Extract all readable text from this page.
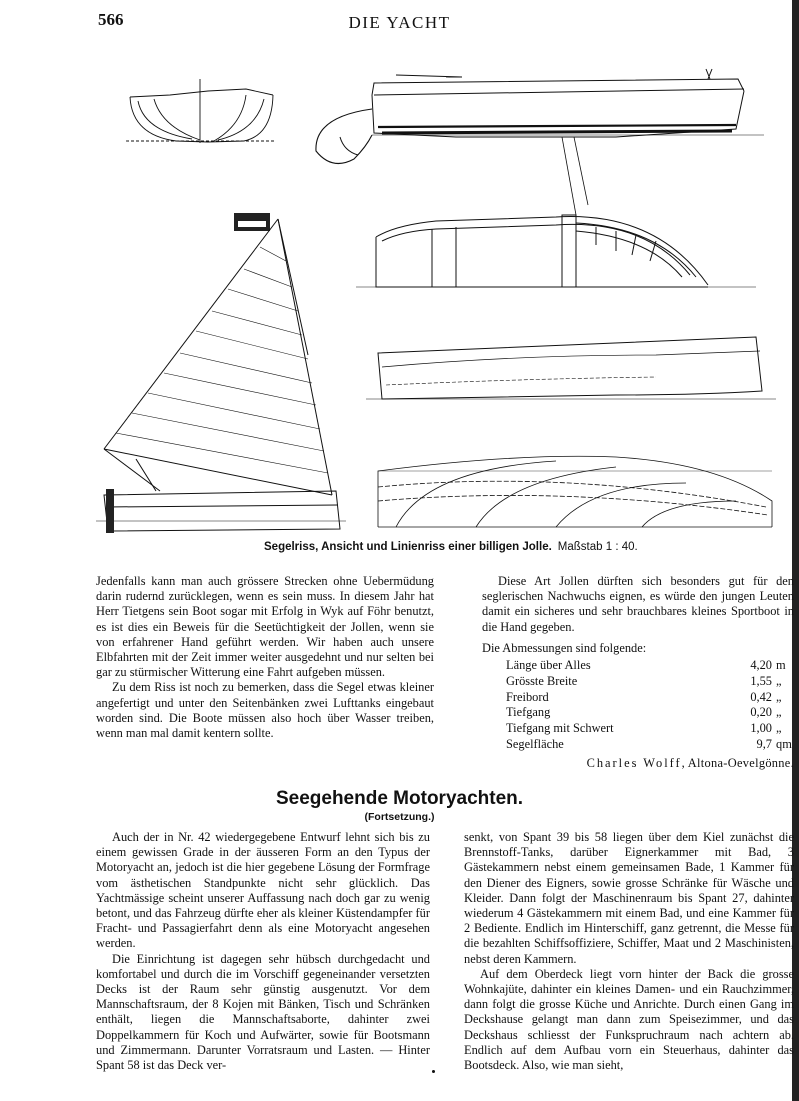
566	DIE YACHT
Segelriss, Ansicht und Linienriss einer billigen Jolle. Maßstab 1 : 40.

Jedenfalls kann man auch grössere Strecken ohne Uebermüdung darin rudernd zurücklegen, wenn es sein muss. In diesem Jahr hat Herr Tietgens sein Boot sogar mit Erfolg in Wyk auf Föhr benutzt, es ist dies ein Beweis für die Seetüchtigkeit der Jollen, wenn sie von erfahrener Hand geführt werden. Wir haben auch unsere Elbfahrten mit der Zeit immer weiter ausgedehnt und nur selten bei gar zu stürmischer Witterung eine Fahrt aufgeben müssen.

Zu dem Riss ist noch zu bemerken, dass die Segel etwas kleiner angefertigt und unter den Seitenbänken zwei Lufttanks eingebaut worden sind. Die Boote müssen also hoch über Wasser treiben, wenn man mal damit kentern sollte.

Diese Art Jollen dürften sich besonders gut für den seglerischen Nachwuchs eignen, es würde den jungen Leuten damit ein sicheres und sehr brauchbares kleines Sportboot in die Hand gegeben.

Die Abmessungen sind folgende:

Länge über Alles	4,20	m
Grösste Breite	1,55	„
Freibord	0,42	„
Tiefgang	0,20	„
Tiefgang mit Schwert	1,00	„
Segelfläche	9,7	qm

Charles Wolff, Altona-Oevelgönne.

Seegehende Motoryachten.
(Fortsetzung.)

Auch der in Nr. 42 wiedergegebene Entwurf lehnt sich bis zu einem gewissen Grade in der äusseren Form an den Typus der Motoryacht an, jedoch ist die hier gegebene Lösung der Formfrage vom ästhetischen Standpunkte nicht sehr glücklich. Das Yachtmässige scheint unserer Auffassung nach doch gar zu wenig betont, und das Fahrzeug dürfte eher als kleiner Küstendampfer für Fracht- und Passagierfahrt denn als eine Motoryacht angesehen werden.

Die Einrichtung ist dagegen sehr hübsch durchgedacht und komfortabel und durch die im Vorschiff gegeneinander versetzten Decks ist der Raum sehr günstig ausgenutzt. Vor dem Mannschaftsraum, der 8 Kojen mit Bänken, Tisch und Schränken enthält, liegen die Mannschaftsaborte, dahinter zwei Doppelkammern für Koch und Aufwärter, sowie für Bootsmann und Zimmermann. Darunter Vorratsraum und Lasten. — Hinter Spant 58 ist das Deck ver-

senkt, von Spant 39 bis 58 liegen über dem Kiel zunächst die Brennstoff-Tanks, darüber Eignerkammer mit Bad, 3 Gästekammern nebst einem gemeinsamen Bade, 1 Kammer für den Diener des Eigners, sowie grosse Schränke für Wäsche und Kleider. Dann folgt der Maschinenraum bis Spant 27, dahinter wiederum 4 Gästekammern mit einem Bad, und eine Kammer für 2 Bediente. Endlich im Hinterschiff, ganz getrennt, die Messe für die bezahlten Schiffsoffiziere, Schiffer, Maat und 2 Maschinisten, nebst deren Kammern.

Auf dem Oberdeck liegt vorn hinter der Back die grosse Wohnkajüte, dahinter ein kleines Damen- und ein Rauchzimmer, dann folgt die grosse Küche und Anrichte. Durch einen Gang im Deckshause gelangt man dann zum Speisezimmer, und das Deckshaus schliesst der Funkspruchraum nach achtern ab. Endlich auf dem Aufbau vorn ein Steuerhaus, dahinter das Bootsdeck. Also, wie man sieht,
